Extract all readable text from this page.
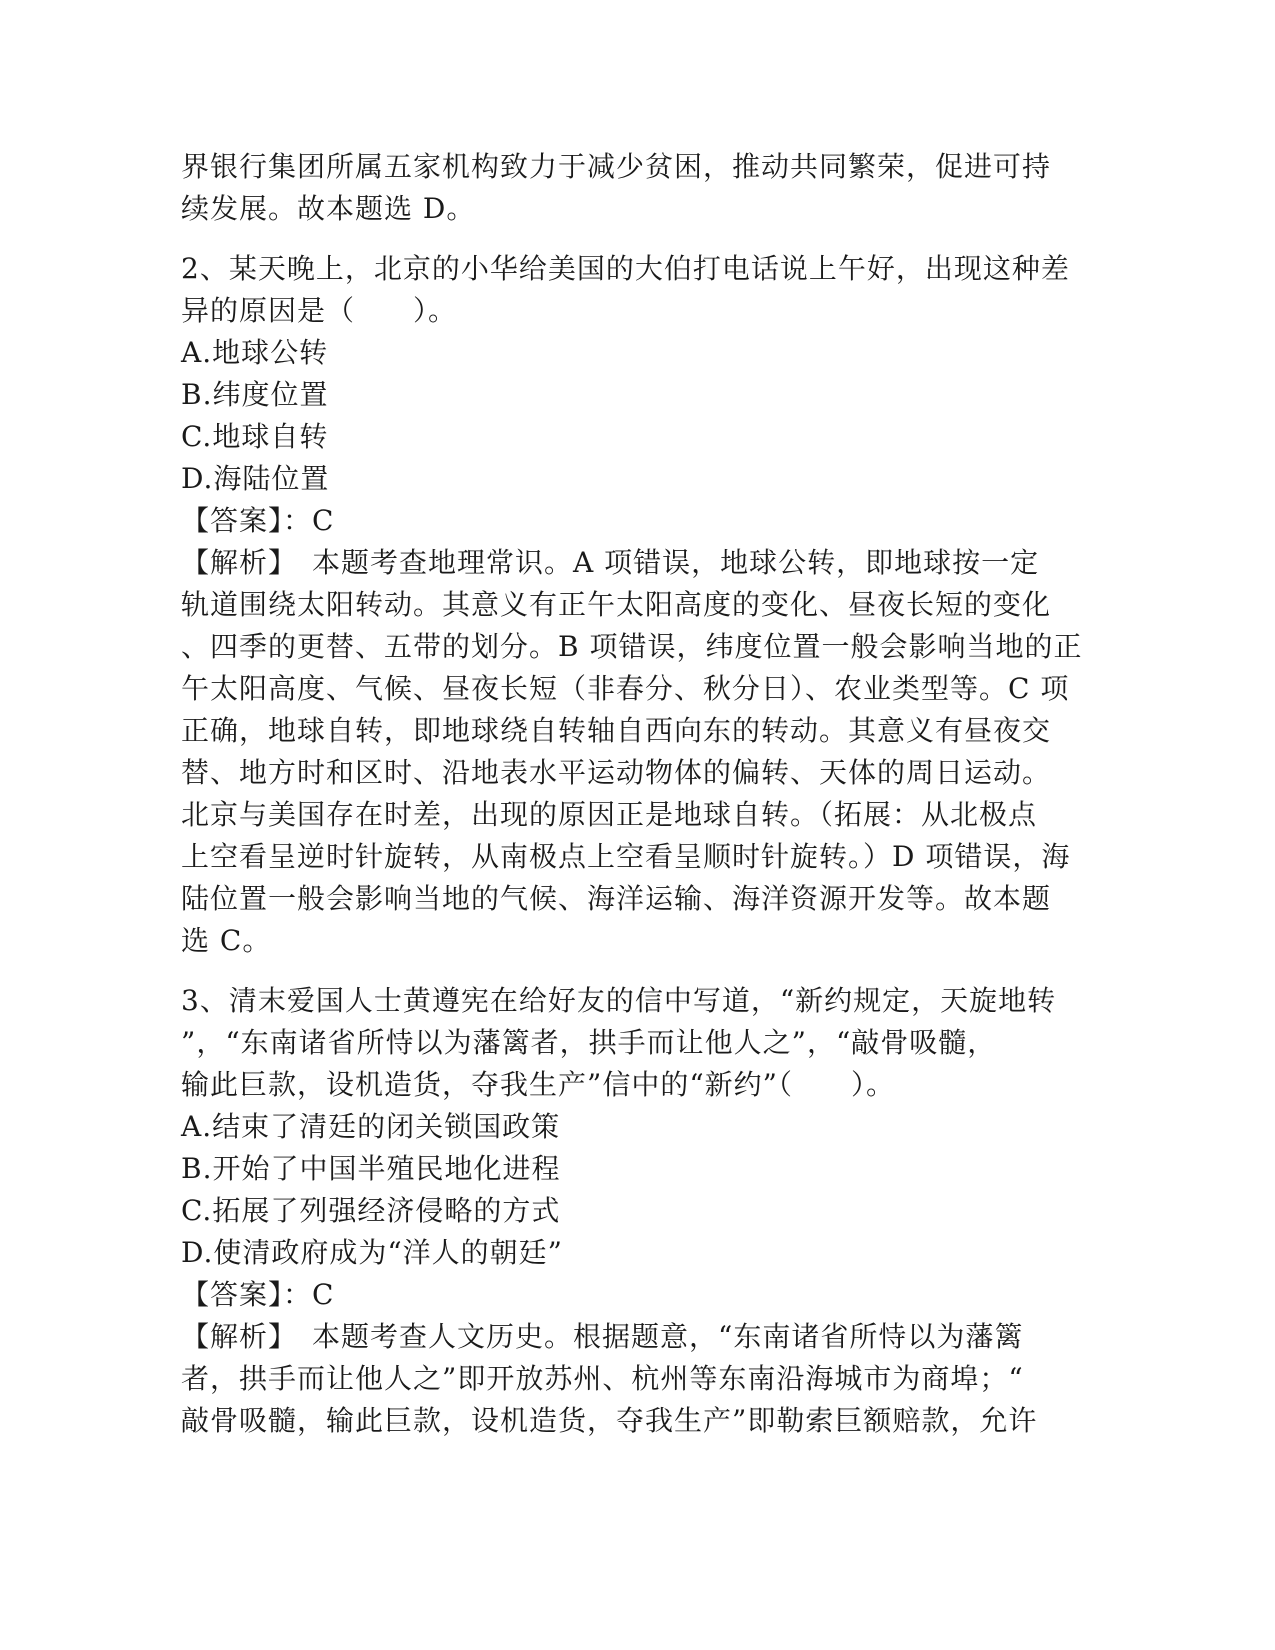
界银行集团所属五家机构致力于减少贫困，推动共同繁荣，促进可持
续发展。故本题选 D。
2、某天晚上，北京的小华给美国的大伯打电话说上午好，出现这种差
异的原因是（　　）。
A.地球公转
B.纬度位置
C.地球自转
D.海陆位置
【答案】：C
【解析】　本题考查地理常识。A 项错误，地球公转，即地球按一定
轨道围绕太阳转动。其意义有正午太阳高度的变化、昼夜长短的变化
、四季的更替、五带的划分。B 项错误，纬度位置一般会影响当地的正
午太阳高度、气候、昼夜长短（非春分、秋分日）、农业类型等。C 项
正确，地球自转，即地球绕自转轴自西向东的转动。其意义有昼夜交
替、地方时和区时、沿地表水平运动物体的偏转、天体的周日运动。
北京与美国存在时差，出现的原因正是地球自转。（拓展：从北极点
上空看呈逆时针旋转，从南极点上空看呈顺时针旋转。）D 项错误，海
陆位置一般会影响当地的气候、海洋运输、海洋资源开发等。故本题
选 C。
3、清末爱国人士黄遵宪在给好友的信中写道，“新约规定，天旋地转
”，“东南诸省所恃以为藩篱者，拱手而让他人之”，“敲骨吸髓，
输此巨款，设机造货，夺我生产”信中的“新约”（　　）。
A.结束了清廷的闭关锁国政策
B.开始了中国半殖民地化进程
C.拓展了列强经济侵略的方式
D.使清政府成为“洋人的朝廷”
【答案】：C
【解析】　本题考查人文历史。根据题意，“东南诸省所恃以为藩篱
者，拱手而让他人之”即开放苏州、杭州等东南沿海城市为商埠；“
敲骨吸髓，输此巨款，设机造货，夺我生产”即勒索巨额赔款，允许
